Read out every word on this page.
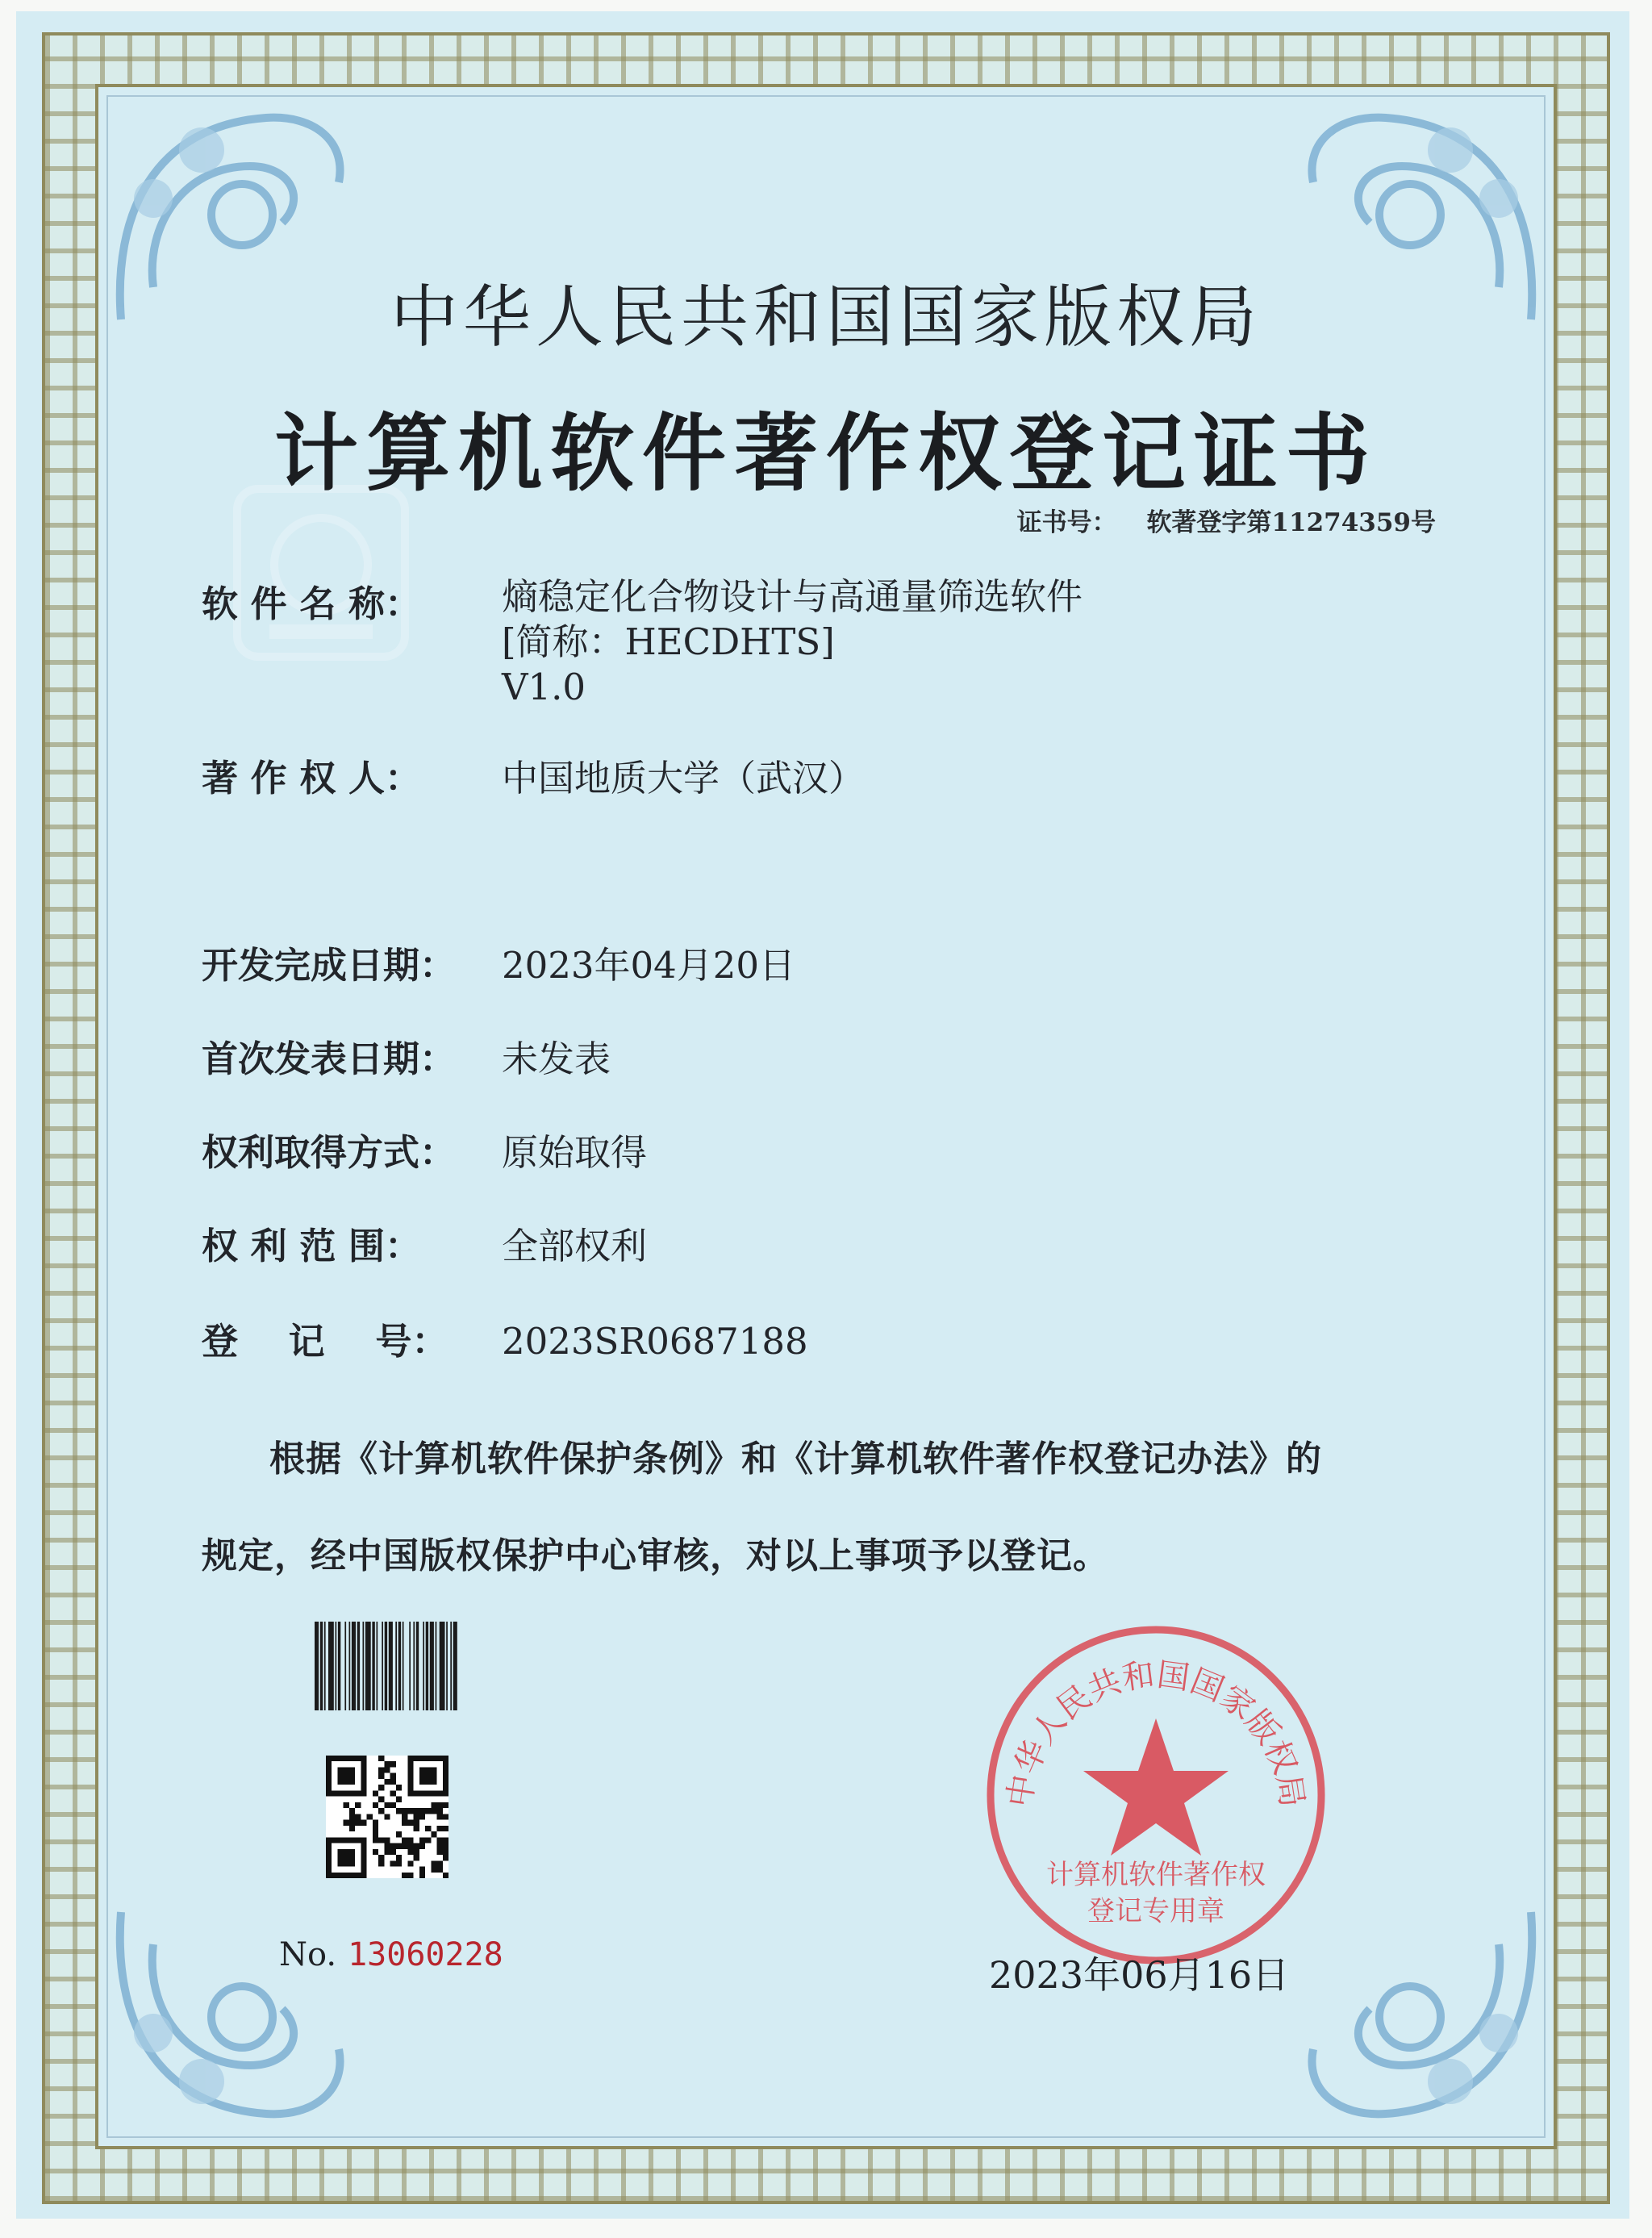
中华人民共和国国家版权局
计算机软件著作权登记证书
证书号： 软著登字第11274359号
软 件 名 称：	熵稳定化合物设计与高通量筛选软件
[简称：HECDHTS]
V1.0
著 作 权 人： 中国地质大学（武汉）
开发完成日期： 2023年04月20日
首次发表日期： 未发表
权利取得方式： 原始取得
权 利 范 围： 全部权利
登    记    号： 2023SR0687188
根据《计算机软件保护条例》和《计算机软件著作权登记办法》的
规定，经中国版权保护中心审核，对以上事项予以登记。
No. 13060228
中华人民共和国国家版权局
计算机软件著作权
登记专用章
2023年06月16日
